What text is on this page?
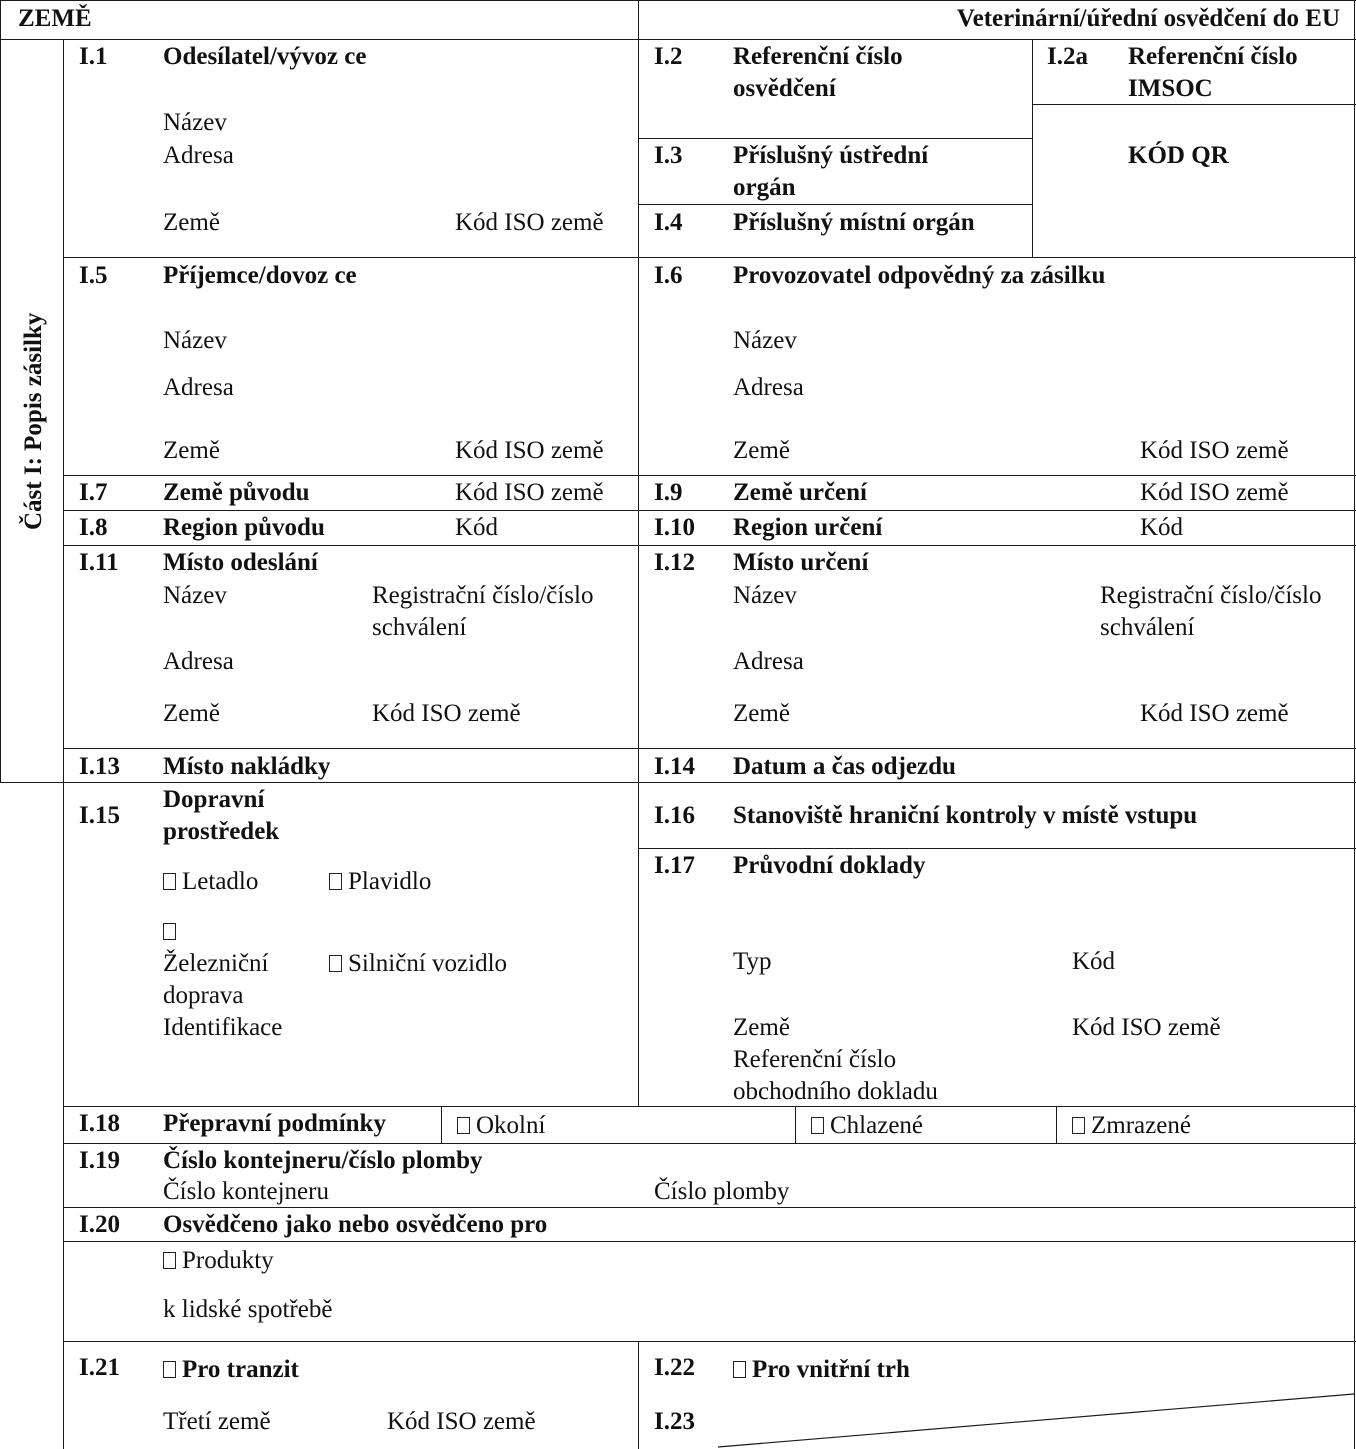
ZEMĚ	Veterinární/úřední osvědčení do EU
Část I: Popis zásilky
I.1 Odesílatel/vývoz ce
Název
Adresa
Země	Kód ISO země
I.2 Referenční číslo osvědčení
I.2a Referenční číslo IMSOC
KÓD QR
I.3 Příslušný ústřední orgán
I.4 Příslušný místní orgán
I.5 Příjemce/dovoz ce
Název
Adresa
Země	Kód ISO země
I.6 Provozovatel odpovědný za zásilku
Název
Adresa
Země	Kód ISO země
I.7 Země původu	Kód ISO země I.9 Země určení	Kód ISO země
I.8 Region původu	Kód	I.10 Region určení	Kód
I.11 Místo odeslání
Název	Registrační číslo/číslo schválení
Adresa
Země	Kód ISO země
I.12 Místo určení
Název	Registrační číslo/číslo schválení
Adresa
Země	Kód ISO země
I.13 Místo nakládky	I.14 Datum a čas odjezdu
I.15
Dopravní prostředek
Letadlo	Plavidlo
Železniční doprava
Silniční vozidlo
Identifikace
I.16 Stanoviště hraniční kontroly v místě vstupu
I.17 Průvodní doklady
Typ	Kód
Země	Kód ISO země
Referenční číslo obchodního dokladu
I.18 Přepravní podmínky	Okolní	Chlazené	Zmrazené
I.19 Číslo kontejneru/číslo plomby
Číslo kontejneru	Číslo plomby
I.20 Osvědčeno jako nebo osvědčeno pro
Produkty
k lidské spotřebě
I.21	Pro tranzit
Třetí země	Kód ISO země
I.22	Pro vnitřní trh
I.23
